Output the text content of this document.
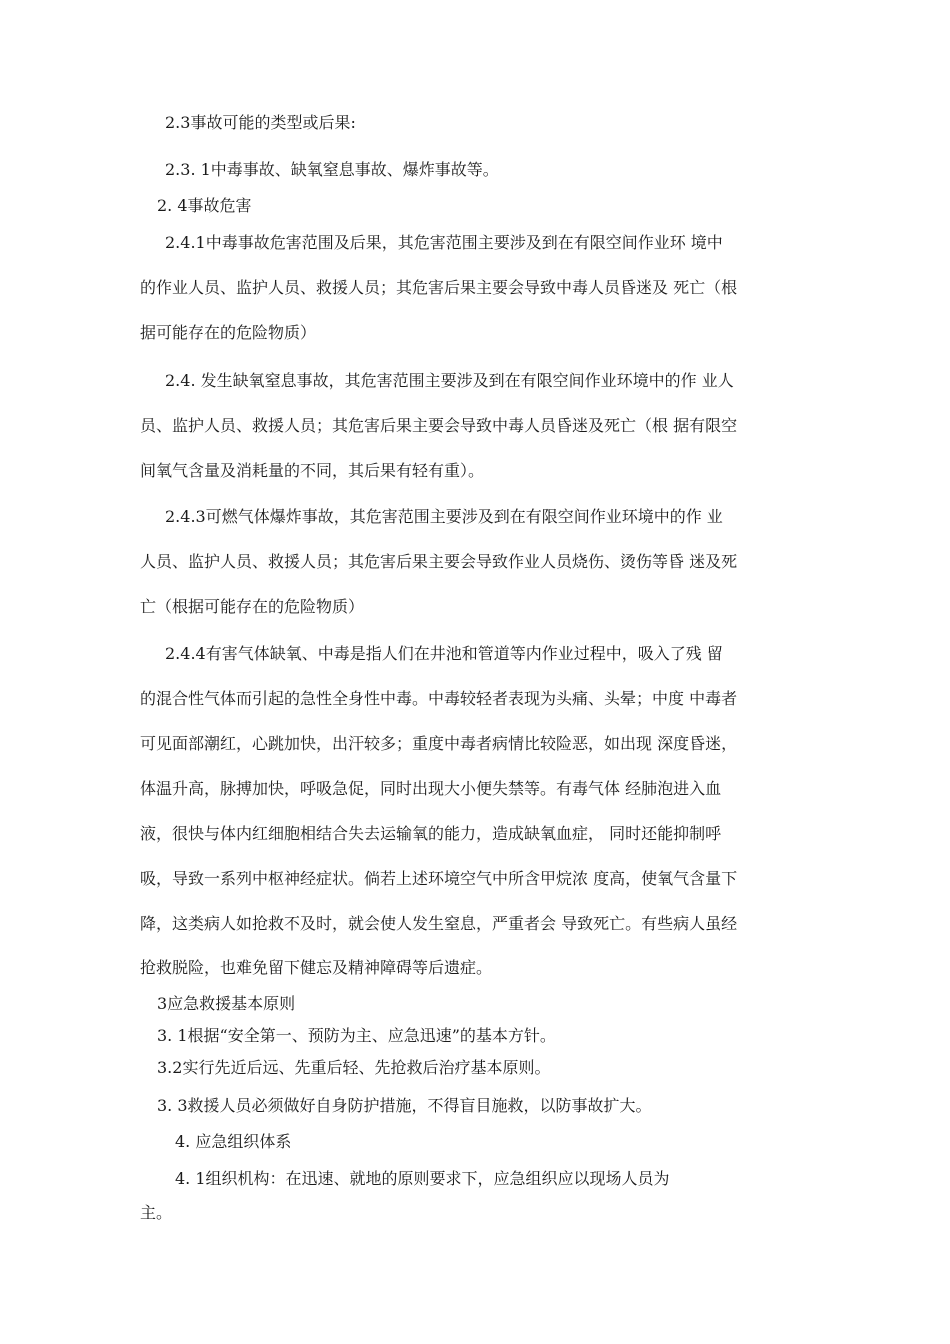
2.3事故可能的类型或后果:
2.3. 1中毒事故、缺氧窒息事故、爆炸事故等。
2. 4事故危害
2.4.1中毒事故危害范围及后果，其危害范围主要涉及到在有限空间作业环 境中
的作业人员、监护人员、救援人员；其危害后果主要会导致中毒人员昏迷及 死亡（根
据可能存在的危险物质）
2.4. 发生缺氧窒息事故，其危害范围主要涉及到在有限空间作业环境中的作 业人
员、监护人员、救援人员；其危害后果主要会导致中毒人员昏迷及死亡（根 据有限空
间氧气含量及消耗量的不同，其后果有轻有重）。
2.4.3可燃气体爆炸事故，其危害范围主要涉及到在有限空间作业环境中的作 业
人员、监护人员、救援人员；其危害后果主要会导致作业人员烧伤、烫伤等昏 迷及死
亡（根据可能存在的危险物质）
2.4.4有害气体缺氧、中毒是指人们在井池和管道等内作业过程中，吸入了残 留
的混合性气体而引起的急性全身性中毒。中毒较轻者表现为头痛、头晕；中度 中毒者
可见面部潮红，心跳加快，出汗较多；重度中毒者病情比较险恶，如出现 深度昏迷，
体温升高，脉搏加快，呼吸急促，同时出现大小便失禁等。有毒气体 经肺泡进入血
液，很快与体内红细胞相结合失去运输氧的能力，造成缺氧血症， 同时还能抑制呼
吸，导致一系列中枢神经症状。倘若上述环境空气中所含甲烷浓 度高，使氧气含量下
降，这类病人如抢救不及时，就会使人发生窒息，严重者会 导致死亡。有些病人虽经
抢救脱险，也难免留下健忘及精神障碍等后遗症。
3应急救援基本原则
3. 1根据“安全第一、预防为主、应急迅速”的基本方针。
3.2实行先近后远、先重后轻、先抢救后治疗基本原则。
3. 3救援人员必须做好自身防护措施，不得盲目施救，以防事故扩大。
4. 应急组织体系
4. 1组织机构：在迅速、就地的原则要求下，应急组织应以现场人员为
主。
